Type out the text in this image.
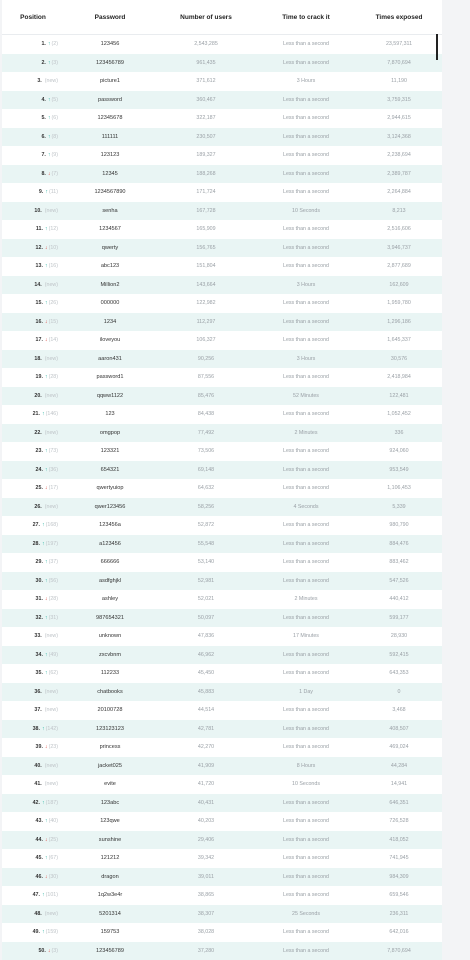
Position	Password	Number of users	Time to crack it	Times exposed
1. ↑ (2)	123456	2,543,285	Less than a second	23,597,311
2. ↑ (3)	123456789	961,435	Less than a second	7,870,694
3. (new)	picture1	371,612	3 Hours	11,190
4. ↑ (5)	password	360,467	Less than a second	3,759,315
5. ↑ (6)	12345678	322,187	Less than a second	2,944,615
6. ↑ (8)	111111	230,507	Less than a second	3,124,368
7. ↑ (9)	123123	189,327	Less than a second	2,238,694
8. ↓ (7)	12345	188,268	Less than a second	2,389,787
9. ↑ (11)	1234567890	171,724	Less than a second	2,264,884
10. (new)	senha	167,728	10 Seconds	8,213
11. ↑ (12)	1234567	165,909	Less than a second	2,516,606
12. ↓ (10)	qwerty	156,765	Less than a second	3,946,737
13. ↑ (16)	abc123	151,804	Less than a second	2,877,689
14. (new)	Million2	143,664	3 Hours	162,609
15. ↑ (26)	000000	122,982	Less than a second	1,959,780
16. ↓ (15)	1234	112,297	Less than a second	1,296,186
17. ↓ (14)	iloveyou	106,327	Less than a second	1,645,337
18. (new)	aaron431	90,256	3 Hours	30,576
19. ↑ (28)	password1	87,556	Less than a second	2,418,984
20. (new)	qqww1122	85,476	52 Minutes	122,481
21. ↑ (146)	123	84,438	Less than a second	1,052,452
22. (new)	omgpop	77,492	2 Minutes	336
23. ↑ (73)	123321	73,506	Less than a second	924,060
24. ↑ (36)	654321	69,148	Less than a second	953,549
25. ↓ (17)	qwertyuiop	64,632	Less than a second	1,106,453
26. (new)	qwer123456	58,256	4 Seconds	5,339
27. ↑ (168)	123456a	52,872	Less than a second	980,790
28. ↑ (197)	a123456	55,548	Less than a second	884,476
29. ↑ (37)	666666	53,140	Less than a second	883,462
30. ↑ (56)	asdfghjkl	52,981	Less than a second	547,526
31. ↓ (28)	ashley	52,021	2 Minutes	440,412
32. ↑ (31)	987654321	50,097	Less than a second	599,177
33. (new)	unknown	47,836	17 Minutes	28,930
34. ↑ (49)	zxcvbnm	46,962	Less than a second	592,415
35. ↑ (62)	112233	45,450	Less than a second	643,353
36. (new)	chatbooks	45,883	1 Day	0
37. (new)	20100728	44,514	Less than a second	3,468
38. ↑ (142)	123123123	42,781	Less than a second	408,507
39. ↓ (23)	princess	42,270	Less than a second	469,024
40. (new)	jacket025	41,909	8 Hours	44,284
41. (new)	evite	41,720	10 Seconds	14,941
42. ↑ (187)	123abc	40,431	Less than a second	646,351
43. ↑ (40)	123qwe	40,203	Less than a second	726,528
44. ↓ (25)	sunshine	29,406	Less than a second	418,052
45. ↑ (67)	121212	39,342	Less than a second	741,945
46. ↓ (30)	dragon	39,011	Less than a second	984,309
47. ↑ (101)	1q2w3e4r	38,865	Less than a second	659,546
48. (new)	5201314	38,307	25 Seconds	236,311
49. ↑ (159)	159753	38,028	Less than a second	642,016
50. ↓ (3)	123456789	37,280	Less than a second	7,870,694
